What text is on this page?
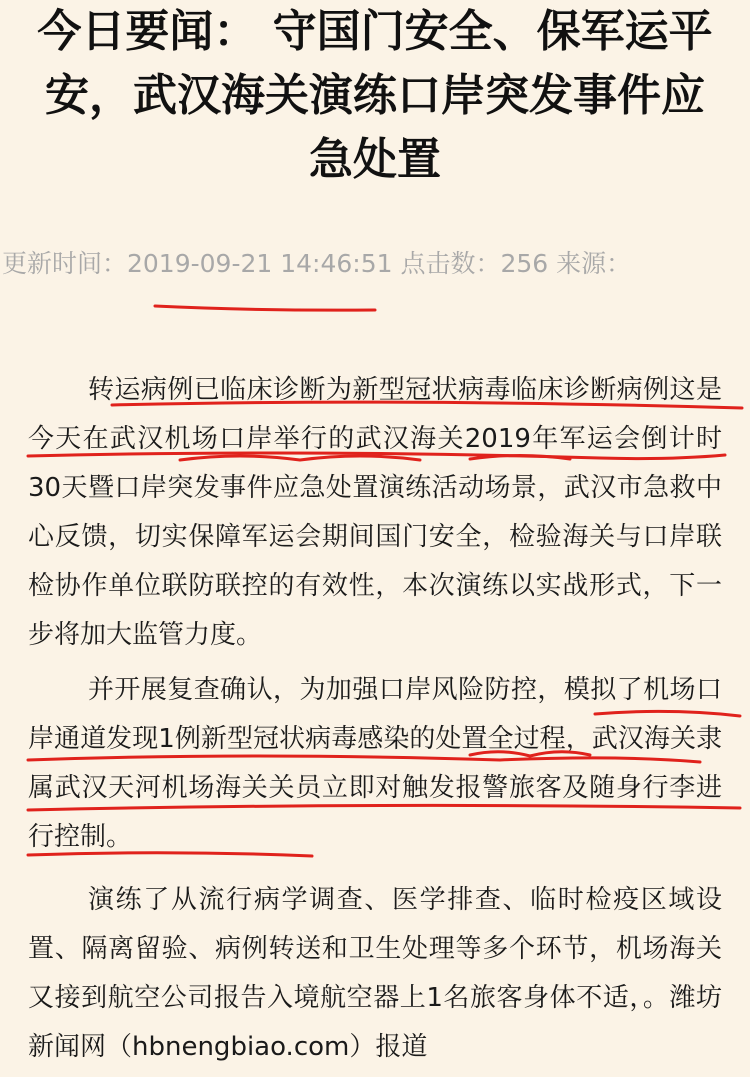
今日要闻： 守国门安全、保军运平安，武汉海关演练口岸突发事件应急处置
更新时间：2019-09-21 14:46:51 点击数：256 来源：

转运病例已临床诊断为新型冠状病毒临床诊断病例这是今天在武汉机场口岸举行的武汉海关2019年军运会倒计时30天暨口岸突发事件应急处置演练活动场景，武汉市急救中心反馈，切实保障军运会期间国门安全，检验海关与口岸联检协作单位联防联控的有效性，本次演练以实战形式，下一步将加大监管力度。

并开展复查确认，为加强口岸风险防控，模拟了机场口岸通道发现1例新型冠状病毒感染的处置全过程，武汉海关隶属武汉天河机场海关关员立即对触发报警旅客及随身行李进行控制。

演练了从流行病学调查、医学排查、临时检疫区域设置、隔离留验、病例转送和卫生处理等多个环节，机场海关又接到航空公司报告入境航空器上1名旅客身体不适，。潍坊新闻网（hbnengbiao.com）报道
